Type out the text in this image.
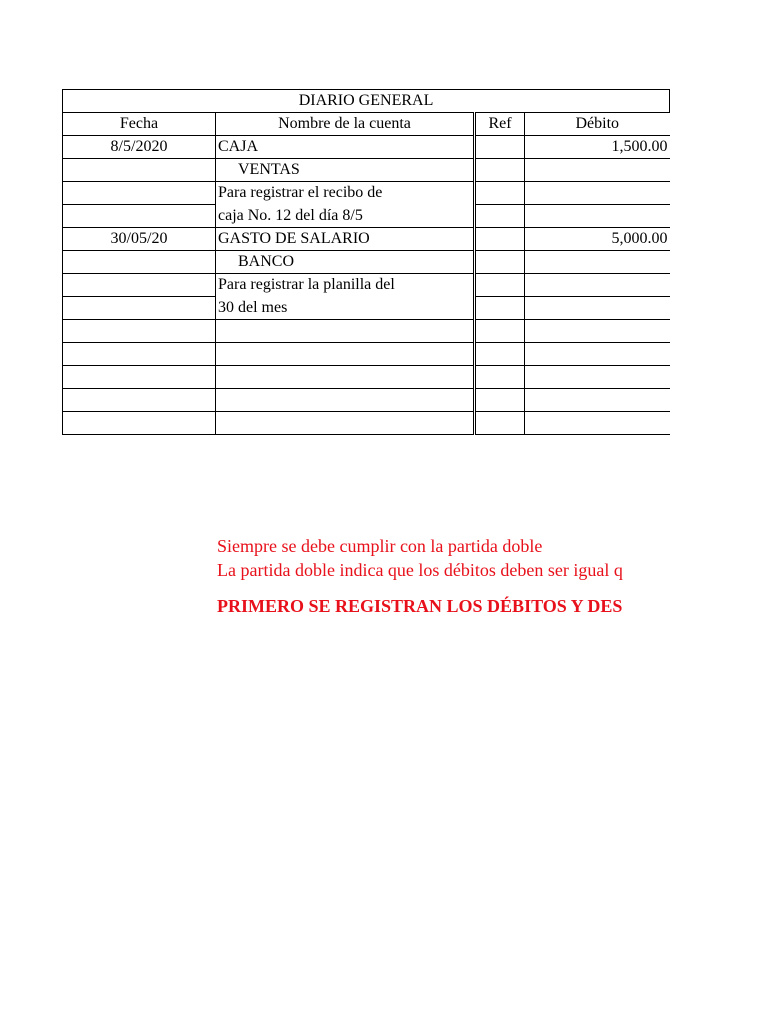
DIARIO GENERAL			
Fecha	Nombre de la cuenta	Ref	Débito
8/5/2020	CAJA		1,500.00
	VENTAS		
	Para registrar el recibo de		
	caja No. 12 del día 8/5		
30/05/20	GASTO DE SALARIO		5,000.00
	BANCO		
	Para registrar la planilla del		
	30 del mes		

Siempre se debe cumplir con la partida doble
La partida doble indica que los débitos deben ser igual q
PRIMERO SE REGISTRAN LOS DÉBITOS Y DES
